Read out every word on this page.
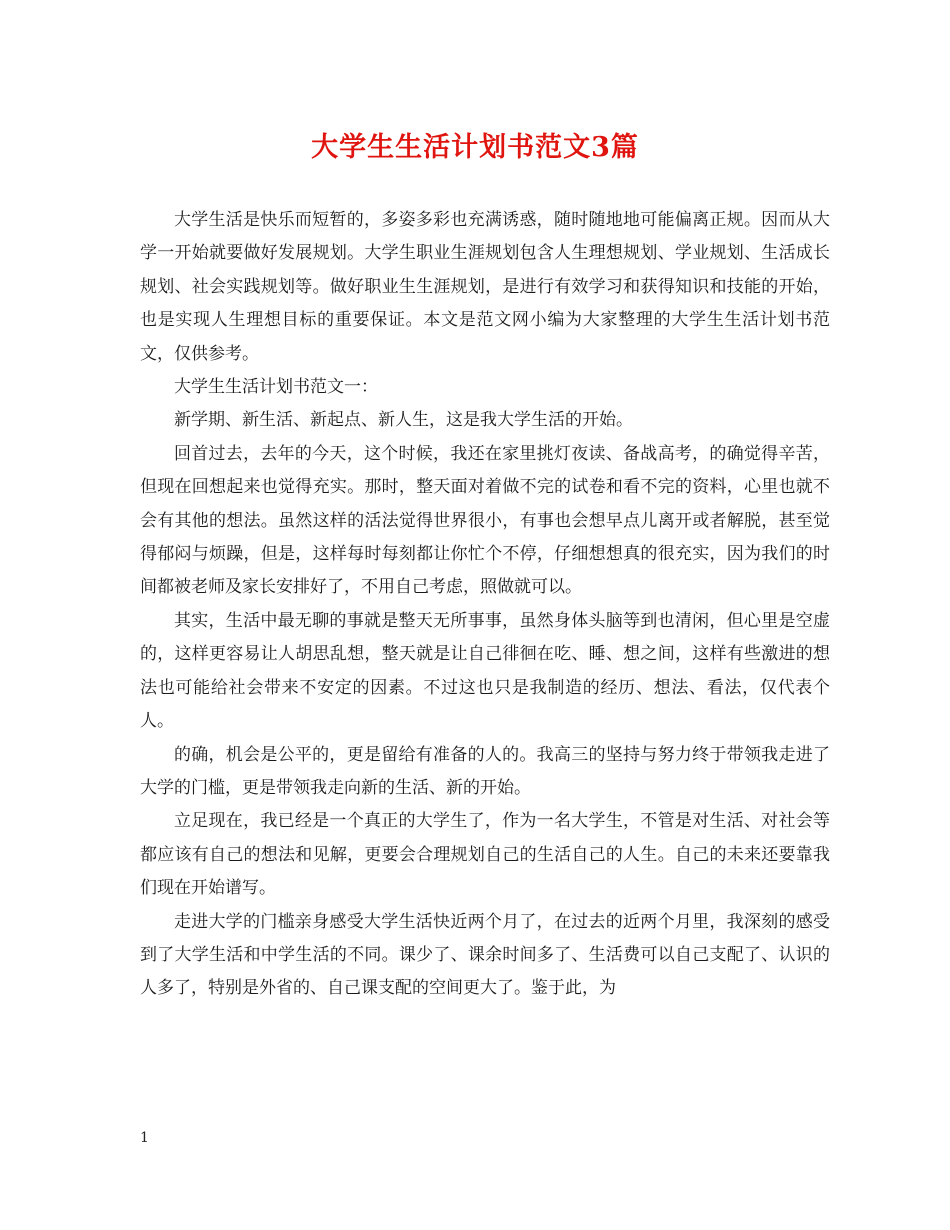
大学生生活计划书范文3篇

大学生活是快乐而短暂的，多姿多彩也充满诱惑，随时随地地可能偏离正规。因而从大学一开始就要做好发展规划。大学生职业生涯规划包含人生理想规划、学业规划、生活成长规划、社会实践规划等。做好职业生生涯规划，是进行有效学习和获得知识和技能的开始，也是实现人生理想目标的重要保证。本文是范文网小编为大家整理的大学生生活计划书范文，仅供参考。

大学生生活计划书范文一：

新学期、新生活、新起点、新人生，这是我大学生活的开始。

回首过去，去年的今天，这个时候，我还在家里挑灯夜读、备战高考，的确觉得辛苦，但现在回想起来也觉得充实。那时，整天面对着做不完的试卷和看不完的资料，心里也就不会有其他的想法。虽然这样的活法觉得世界很小，有事也会想早点儿离开或者解脱，甚至觉得郁闷与烦躁，但是，这样每时每刻都让你忙个不停，仔细想想真的很充实，因为我们的时间都被老师及家长安排好了，不用自己考虑，照做就可以。

其实，生活中最无聊的事就是整天无所事事，虽然身体头脑等到也清闲，但心里是空虚的，这样更容易让人胡思乱想，整天就是让自己徘徊在吃、睡、想之间，这样有些激进的想法也可能给社会带来不安定的因素。不过这也只是我制造的经历、想法、看法，仅代表个人。

的确，机会是公平的，更是留给有准备的人的。我高三的坚持与努力终于带领我走进了大学的门槛，更是带领我走向新的生活、新的开始。

立足现在，我已经是一个真正的大学生了，作为一名大学生，不管是对生活、对社会等都应该有自己的想法和见解，更要会合理规划自己的生活自己的人生。自己的未来还要靠我们现在开始谱写。

走进大学的门槛亲身感受大学生活快近两个月了，在过去的近两个月里，我深刻的感受到了大学生活和中学生活的不同。课少了、课余时间多了、生活费可以自己支配了、认识的人多了，特别是外省的、自己课支配的空间更大了。鉴于此，为

1
